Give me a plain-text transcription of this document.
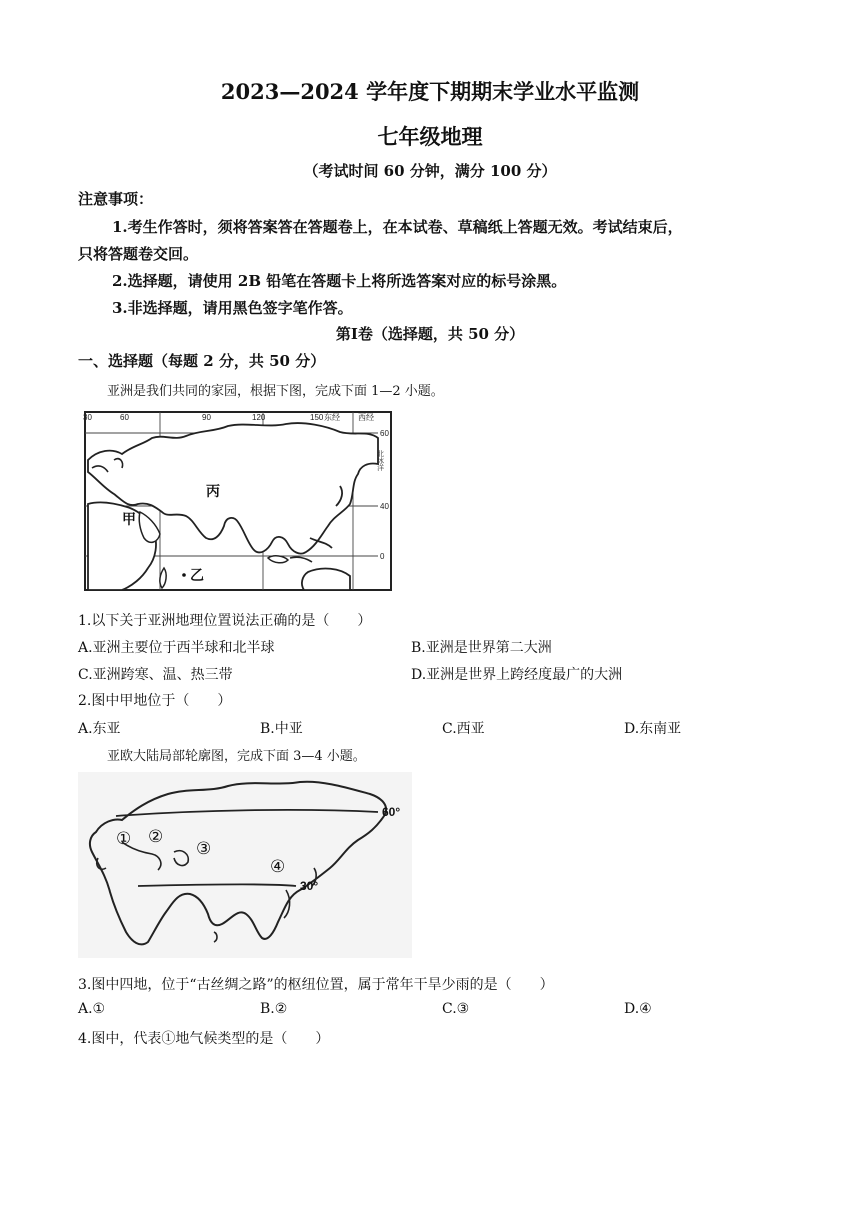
2023—2024 学年度下期期末学业水平监测
七年级地理
（考试时间 60 分钟，满分 100 分）
注意事项：
1.考生作答时，须将答案答在答题卷上，在本试卷、草稿纸上答题无效。考试结束后，
只将答题卷交回。
2.选择题，请使用 2B 铅笔在答题卡上将所选答案对应的标号涂黑。
3.非选择题，请用黑色签字笔作答。
第Ⅰ卷（选择题，共 50 分）
一、选择题（每题 2 分，共 50 分）
亚洲是我们共同的家园，根据下图，完成下面 1—2 小题。
30	60	90	120	150 东经 西经
60
40
0
北冰洋
丙
甲
乙
1.以下关于亚洲地理位置说法正确的是（　　）
A.亚洲主要位于西半球和北半球	B.亚洲是世界第二大洲
C.亚洲跨寒、温、热三带	D.亚洲是世界上跨经度最广的大洲
2.图中甲地位于（　　）
A.东亚	B.中亚	C.西亚	D.东南亚
亚欧大陆局部轮廓图，完成下面 3—4 小题。
60°
30°
① ②
③
④
3.图中四地，位于“古丝绸之路”的枢纽位置，属于常年干旱少雨的是（　　）
A.①	B.②	C.③	D.④
4.图中，代表①地气候类型的是（　　）
